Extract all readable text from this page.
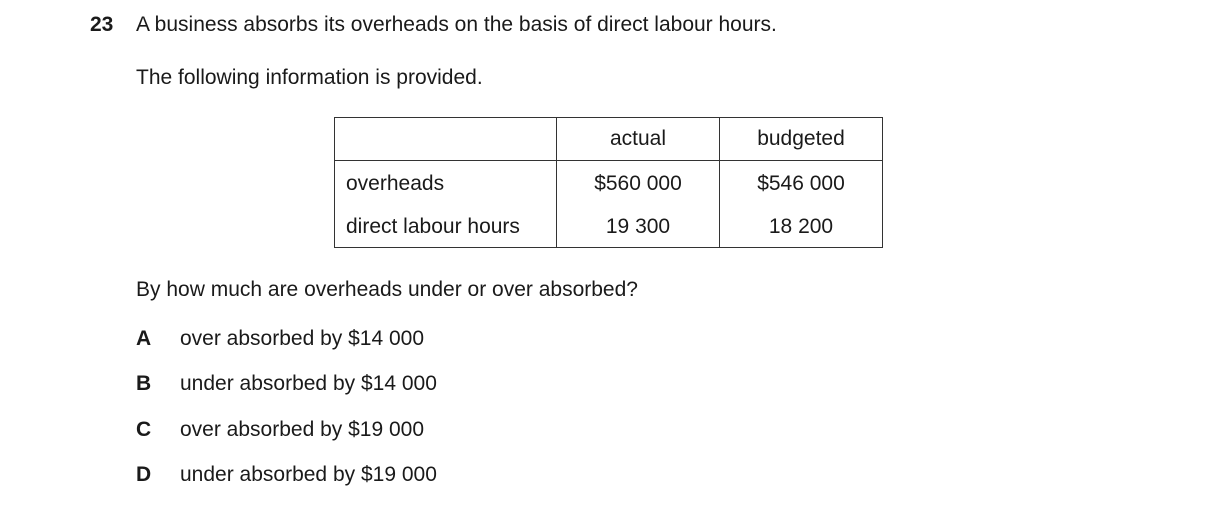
23 A business absorbs its overheads on the basis of direct labour hours.
The following information is provided.
	actual	budgeted
overheads	$560 000	$546 000
direct labour hours	19 300	18 200
By how much are overheads under or over absorbed?
A over absorbed by $14 000
B under absorbed by $14 000
C over absorbed by $19 000
D under absorbed by $19 000
